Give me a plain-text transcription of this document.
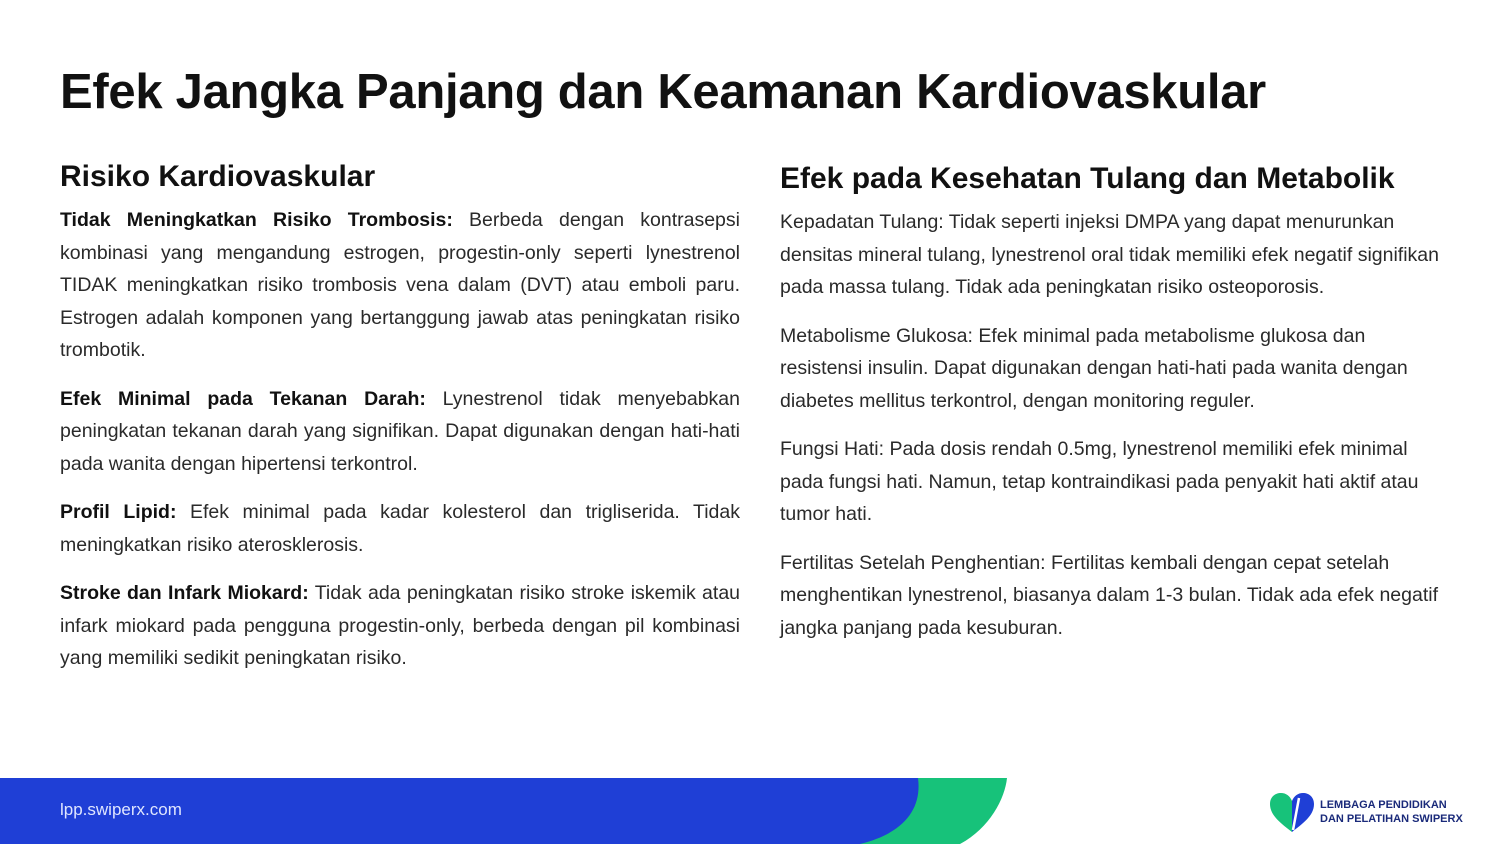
Efek Jangka Panjang dan Keamanan Kardiovaskular
Risiko Kardiovaskular

Tidak Meningkatkan Risiko Trombosis: Berbeda dengan kontrasepsi kombinasi yang mengandung estrogen, progestin-only seperti lynestrenol TIDAK meningkatkan risiko trombosis vena dalam (DVT) atau emboli paru. Estrogen adalah komponen yang bertanggung jawab atas peningkatan risiko trombotik.

Efek Minimal pada Tekanan Darah: Lynestrenol tidak menyebabkan peningkatan tekanan darah yang signifikan. Dapat digunakan dengan hati-hati pada wanita dengan hipertensi terkontrol.

Profil Lipid: Efek minimal pada kadar kolesterol dan trigliserida. Tidak meningkatkan risiko aterosklerosis.

Stroke dan Infark Miokard: Tidak ada peningkatan risiko stroke iskemik atau infark miokard pada pengguna progestin-only, berbeda dengan pil kombinasi yang memiliki sedikit peningkatan risiko.

Efek pada Kesehatan Tulang dan Metabolik

Kepadatan Tulang: Tidak seperti injeksi DMPA yang dapat menurunkan densitas mineral tulang, lynestrenol oral tidak memiliki efek negatif signifikan pada massa tulang. Tidak ada peningkatan risiko osteoporosis.

Metabolisme Glukosa: Efek minimal pada metabolisme glukosa dan resistensi insulin. Dapat digunakan dengan hati-hati pada wanita dengan diabetes mellitus terkontrol, dengan monitoring reguler.

Fungsi Hati: Pada dosis rendah 0.5mg, lynestrenol memiliki efek minimal pada fungsi hati. Namun, tetap kontraindikasi pada penyakit hati aktif atau tumor hati.

Fertilitas Setelah Penghentian: Fertilitas kembali dengan cepat setelah menghentikan lynestrenol, biasanya dalam 1-3 bulan. Tidak ada efek negatif jangka panjang pada kesuburan.

lpp.swiperx.com	LEMBAGA PENDIDIKAN
DAN PELATIHAN SWIPERX
